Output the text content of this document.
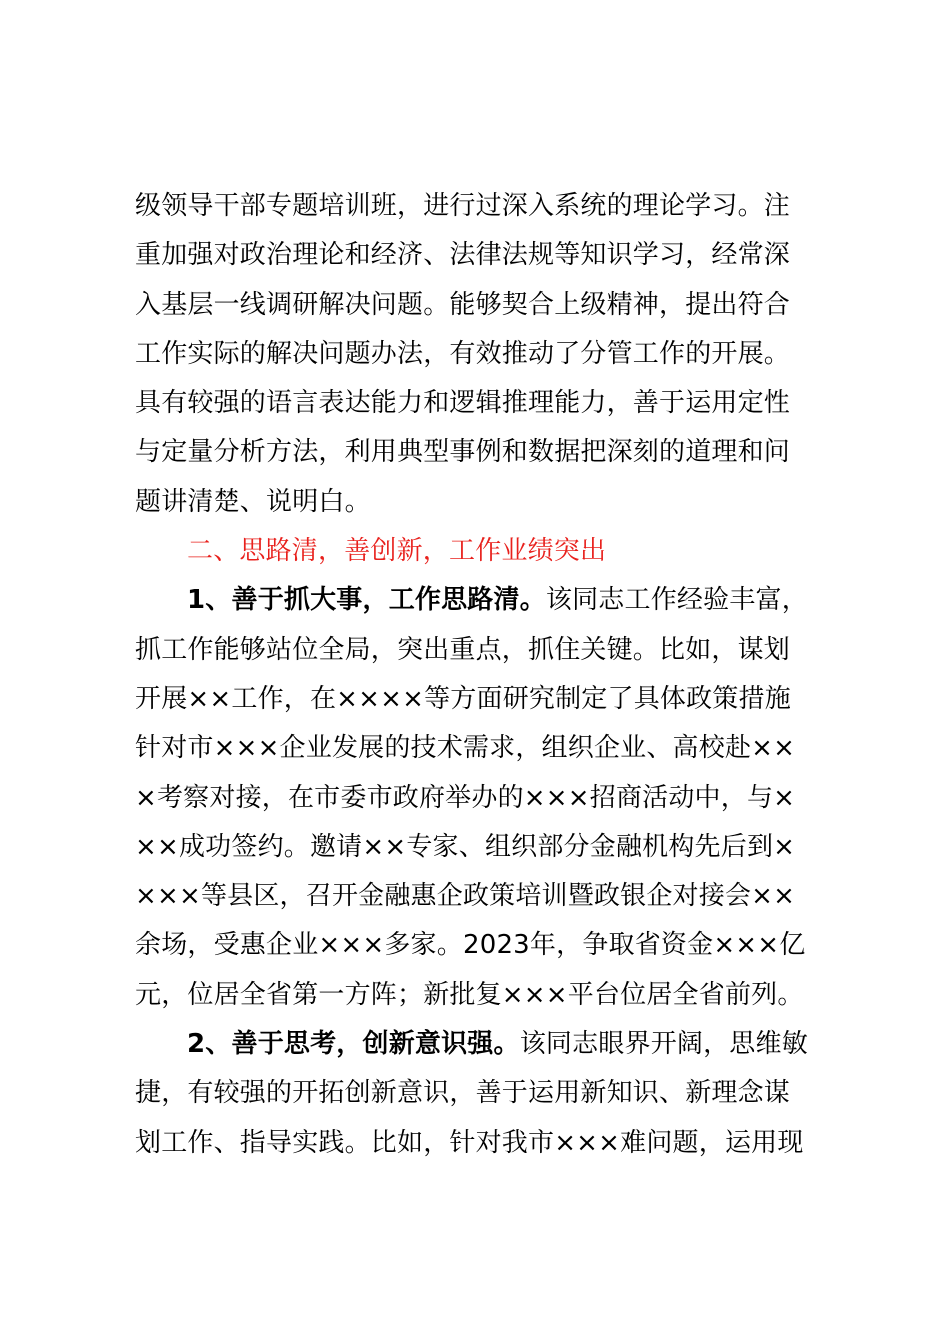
级领导干部专题培训班，进行过深入系统的理论学习。注
重加强对政治理论和经济、法律法规等知识学习，经常深
入基层一线调研解决问题。能够契合上级精神，提出符合
工作实际的解决问题办法，有效推动了分管工作的开展。
具有较强的语言表达能力和逻辑推理能力，善于运用定性
与定量分析方法，利用典型事例和数据把深刻的道理和问
题讲清楚、说明白。
二、思路清，善创新，工作业绩突出
1、善于抓大事，工作思路清。该同志工作经验丰富，
抓工作能够站位全局，突出重点，抓住关键。比如，谋划
开展××工作，在××××等方面研究制定了具体政策措施
针对市×××企业发展的技术需求，组织企业、高校赴××
×考察对接，在市委市政府举办的×××招商活动中，与×
××成功签约。邀请××专家、组织部分金融机构先后到×
×××等县区，召开金融惠企政策培训暨政银企对接会××
余场，受惠企业×××多家。2023年，争取省资金×××亿
元，位居全省第一方阵；新批复×××平台位居全省前列。
2、善于思考，创新意识强。该同志眼界开阔，思维敏
捷，有较强的开拓创新意识，善于运用新知识、新理念谋
划工作、指导实践。比如，针对我市×××难问题，运用现
